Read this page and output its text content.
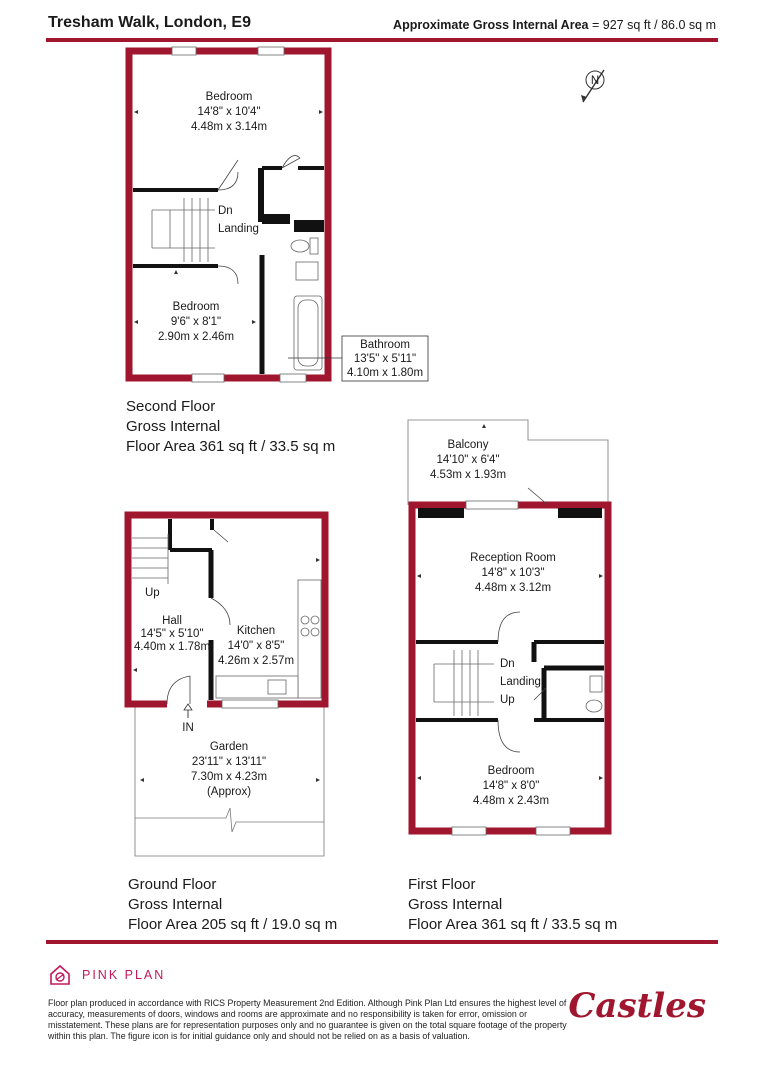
Tresham Walk, London, E9	Approximate Gross Internal Area = 927 sq ft / 86.0 sq m
N
Bedroom
14'8" x 10'4"
4.48m x 3.14m
Dn
Landing
Bedroom
9'6" x 8'1"
2.90m x 2.46m
Bathroom
13'5" x 5'11"
4.10m x 1.80m
Balcony
14'10" x 6'4"
4.53m x 1.93m
Reception Room
14'8" x 10'3"
4.48m x 3.12m
Dn
Landing
Up
Bedroom
14'8" x 8'0"
4.48m x 2.43m
Up
Hall
14'5" x 5'10"
4.40m x 1.78m
Kitchen
14'0" x 8'5"
4.26m x 2.57m
IN
Garden
23'11" x 13'11"
7.30m x 4.23m
(Approx)
Second Floor
Gross Internal
Floor Area 361 sq ft / 33.5 sq m
Ground Floor
Gross Internal
Floor Area 205 sq ft / 19.0 sq m
First Floor
Gross Internal
Floor Area 361 sq ft / 33.5 sq m
PINK PLAN
Floor plan produced in accordance with RICS Property Measurement 2nd Edition. Although Pink Plan Ltd ensures the highest level of accuracy, measurements of doors, windows and rooms are approximate and no responsibility is taken for error, omission or misstatement. These plans are for representation purposes only and no guarantee is given on the total square footage of the property within this plan. The figure icon is for initial guidance only and should not be relied on as a basis of valuation.
Castles
